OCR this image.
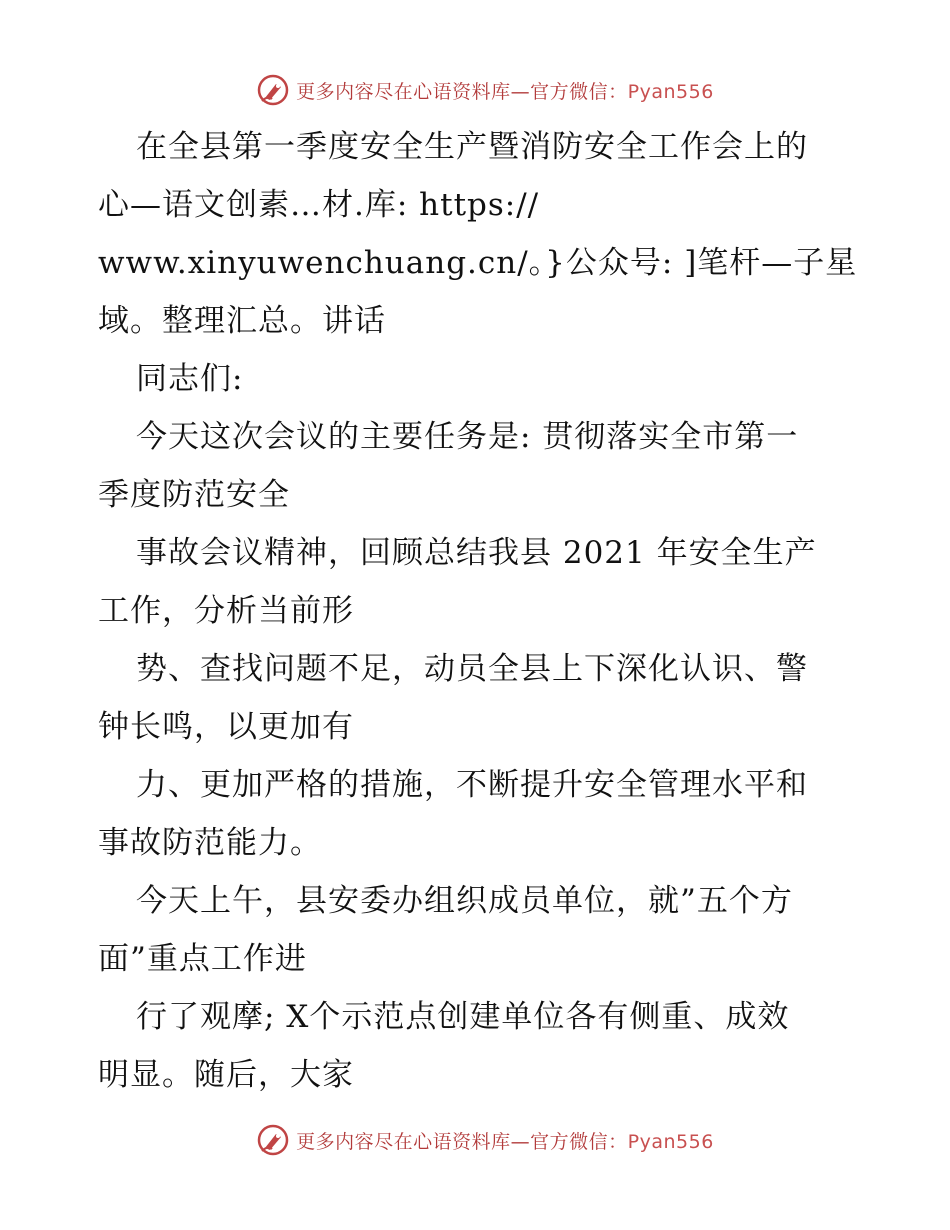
更多内容尽在心语资料库—官方微信：Pyan556
在全县第一季度安全生产暨消防安全工作会上的
心—语文创素…材.库: https://
www.xinyuwenchuang.cn/。}公众号: ]笔杆—子星
域。整理汇总。讲话
同志们:
今天这次会议的主要任务是: 贯彻落实全市第一
季度防范安全
事故会议精神，回顾总结我县 2021 年安全生产
工作，分析当前形
势、查找问题不足，动员全县上下深化认识、警
钟长鸣，以更加有
力、更加严格的措施，不断提升安全管理水平和
事故防范能力。
今天上午，县安委办组织成员单位，就”五个方
面”重点工作进
行了观摩; X个示范点创建单位各有侧重、成效
明显。随后，大家
更多内容尽在心语资料库—官方微信：Pyan556
